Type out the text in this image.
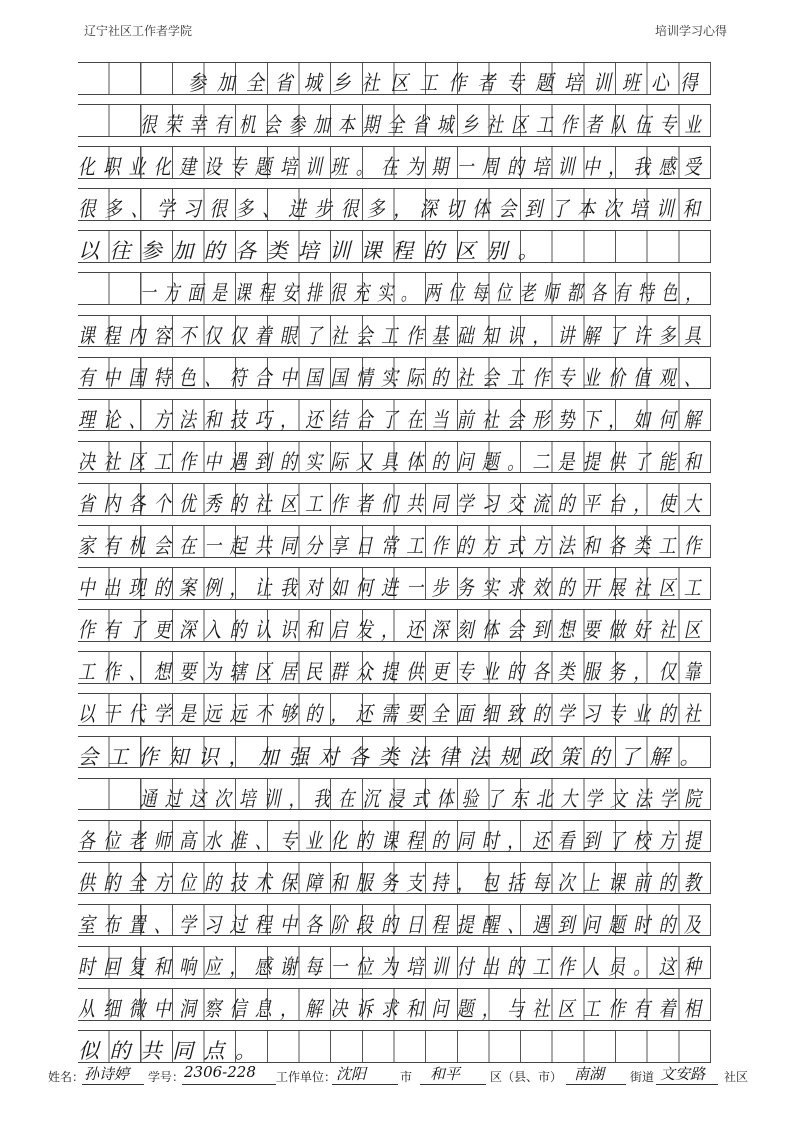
辽宁社区工作者学院	培训学习心得
参加全省城乡社区工作者专题培训班心得
很荣幸有机会参加本期全省城乡社区工作者队伍专业
化职业化建设专题培训班。在为期一周的培训中，我感受
很多、学习很多、进步很多，深切体会到了本次培训和
以往参加的各类培训课程的区别。
一方面是课程安排很充实。两位每位老师都各有特色，
课程内容不仅仅着眼了社会工作基础知识，讲解了许多具
有中国特色、符合中国国情实际的社会工作专业价值观、
理论、方法和技巧，还结合了在当前社会形势下，如何解
决社区工作中遇到的实际又具体的问题。二是提供了能和
省内各个优秀的社区工作者们共同学习交流的平台，使大
家有机会在一起共同分享日常工作的方式方法和各类工作
中出现的案例，让我对如何进一步务实求效的开展社区工
作有了更深入的认识和启发，还深刻体会到想要做好社区
工作、想要为辖区居民群众提供更专业的各类服务，仅靠
以干代学是远远不够的，还需要全面细致的学习专业的社
会工作知识，加强对各类法律法规政策的了解。
通过这次培训，我在沉浸式体验了东北大学文法学院
各位老师高水准、专业化的课程的同时，还看到了校方提
供的全方位的技术保障和服务支持，包括每次上课前的教
室布置、学习过程中各阶段的日程提醒、遇到问题时的及
时回复和响应，感谢每一位为培训付出的工作人员。这种
从细微中洞察信息，解决诉求和问题，与社区工作有着相
似的共同点。
姓名： 孙诗婷 学号： 2306-228 工作单位： 沈阳	市 和平 区（县、市） 南湖 街道 文安路 社区
